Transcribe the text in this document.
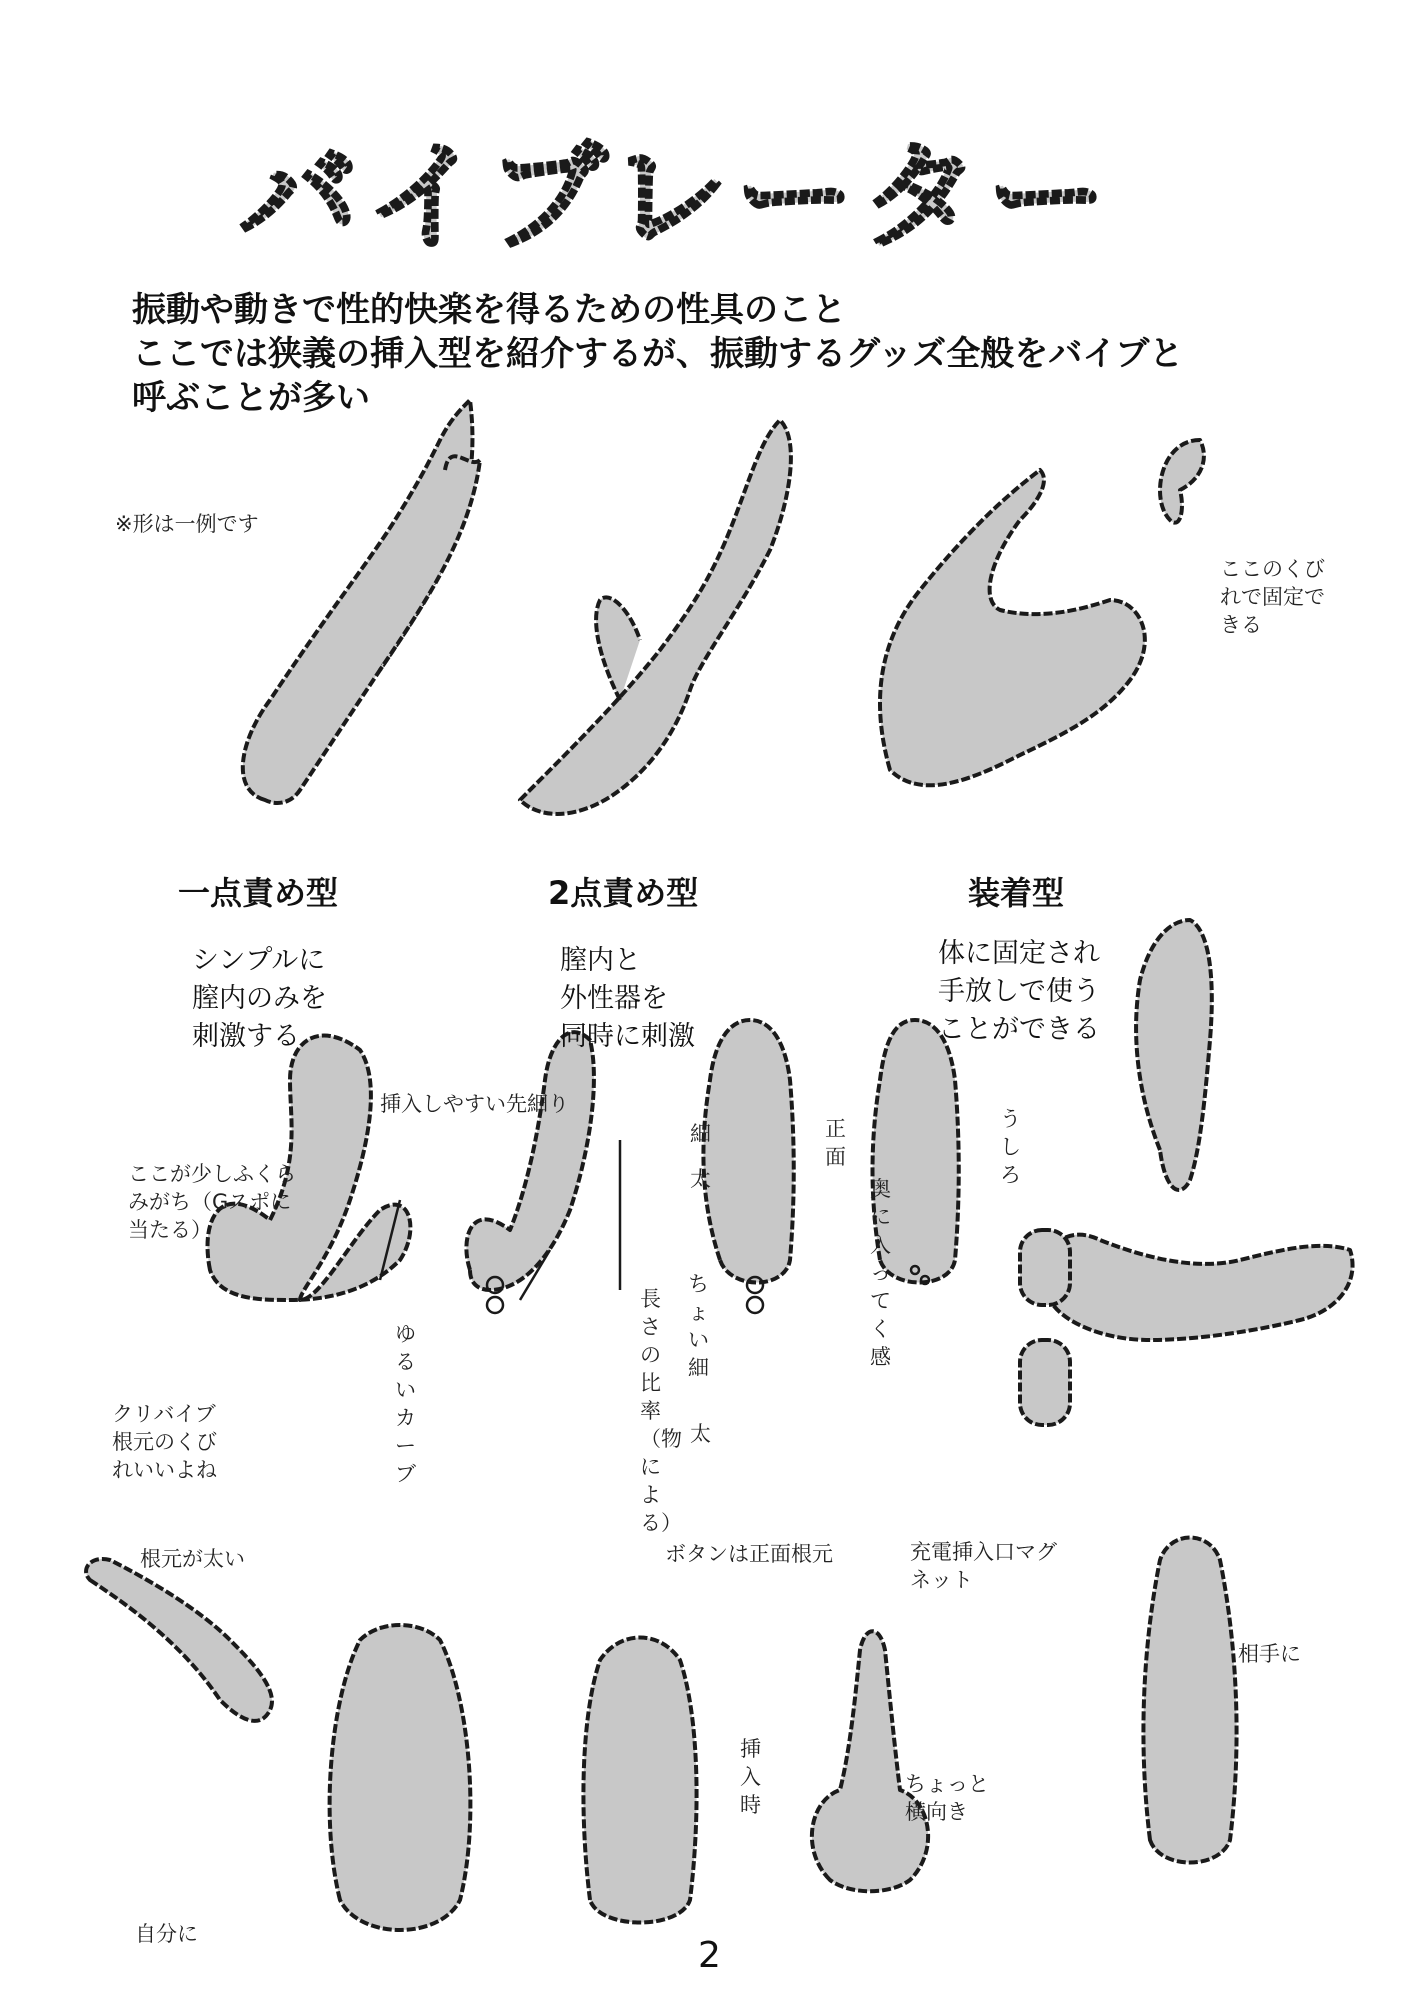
バイブレーター
振動や動きで性的快楽を得るための性具のこと
ここでは狭義の挿入型を紹介するが、振動するグッズ全般をバイブと
呼ぶことが多い
一点責め型
シンプルに
膣内のみを
刺激する
2点責め型
膣内と
外性器を
同時に刺激
装着型
体に固定され
手放しで使う
ことができる
※形は一例です
ここのくびれで固定できる
挿入しやすい先細り
ここが少しふくらみがち（Gスポに当たる）
クリバイブ根元のくびれいいよね
ゆるいカーブ
長さの比率（物による）
細
太
ちょい細
太
正面
うしろ
奥に入ってく感
ボタンは正面根元	充電挿入口マグネット
根元が太い
自分に
挿入時
ちょっと横向き
相手に
2
